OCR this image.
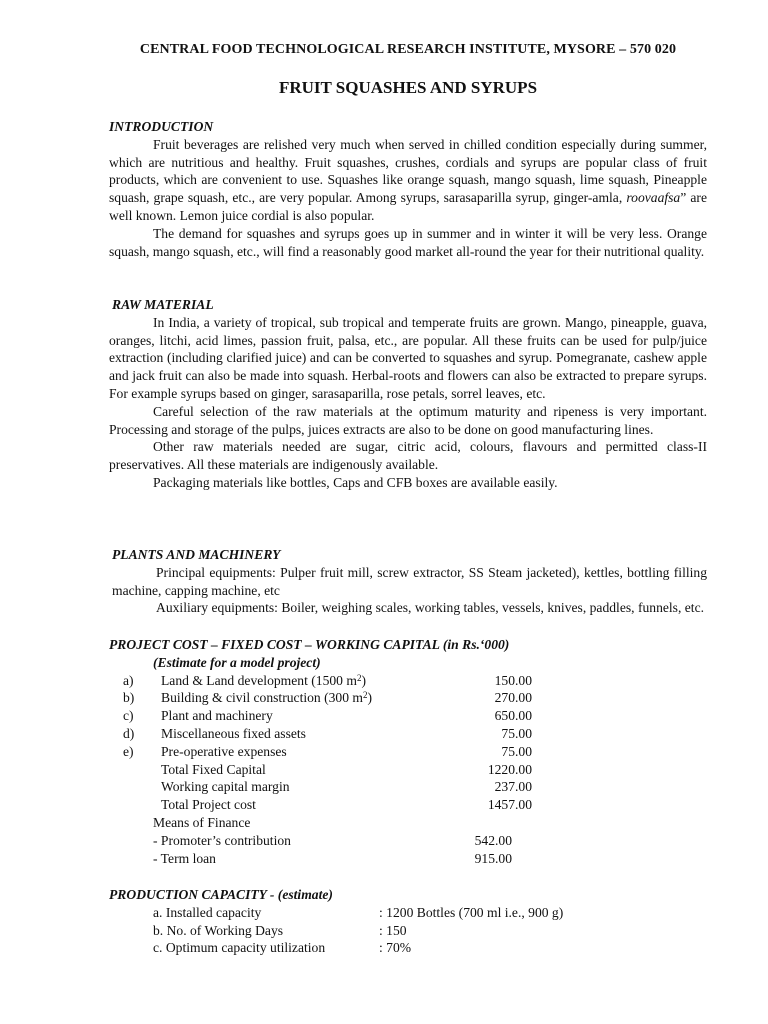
CENTRAL FOOD TECHNOLOGICAL RESEARCH INSTITUTE, MYSORE – 570 020
FRUIT SQUASHES AND SYRUPS

INTRODUCTION

Fruit beverages are relished very much when served in chilled condition especially during summer, which are nutritious and healthy. Fruit squashes, crushes, cordials and syrups are popular class of fruit products, which are convenient to use. Squashes like orange squash, mango squash, lime squash, Pineapple squash, grape squash, etc., are very popular. Among syrups, sarasaparilla syrup, ginger-amla, roovaafsa” are well known. Lemon juice cordial is also popular.

The demand for squashes and syrups goes up in summer and in winter it will be very less. Orange squash, mango squash, etc., will find a reasonably good market all-round the year for their nutritional quality.

RAW MATERIAL

In India, a variety of tropical, sub tropical and temperate fruits are grown. Mango, pineapple, guava, oranges, litchi, acid limes, passion fruit, palsa, etc., are popular. All these fruits can be used for pulp/juice extraction (including clarified juice) and can be converted to squashes and syrup. Pomegranate, cashew apple and jack fruit can also be made into squash. Herbal-roots and flowers can also be extracted to prepare syrups. For example syrups based on ginger, sarasaparilla, rose petals, sorrel leaves, etc.

Careful selection of the raw materials at the optimum maturity and ripeness is very important. Processing and storage of the pulps, juices extracts are also to be done on good manufacturing lines.

Other raw materials needed are sugar, citric acid, colours, flavours and permitted class-II preservatives. All these materials are indigenously available.

Packaging materials like bottles, Caps and CFB boxes are available easily.

PLANTS AND MACHINERY

Principal equipments: Pulper fruit mill, screw extractor, SS Steam jacketed), kettles, bottling filling machine, capping machine, etc

Auxiliary equipments: Boiler, weighing scales, working tables, vessels, knives, paddles, funnels, etc.

PROJECT COST – FIXED COST – WORKING CAPITAL (in Rs.‘000)

(Estimate for a model project)
a) Land & Land development (1500 $m^2$)	150.00
b) Building & civil construction (300 $m^2$)	270.00
c) Plant and machinery	650.00
d) Miscellaneous fixed assets	75.00
e) Pre-operative expenses	75.00
Total Fixed Capital	1220.00
Working capital margin	237.00
Total Project cost	1457.00
Means of Finance
- Promoter’s contribution	542.00
- Term loan	915.00

PRODUCTION CAPACITY - (estimate)

a. Installed capacity	: 1200 Bottles (700 ml i.e., 900 g)
b. No. of Working Days	: 150
c. Optimum capacity utilization	: 70%
